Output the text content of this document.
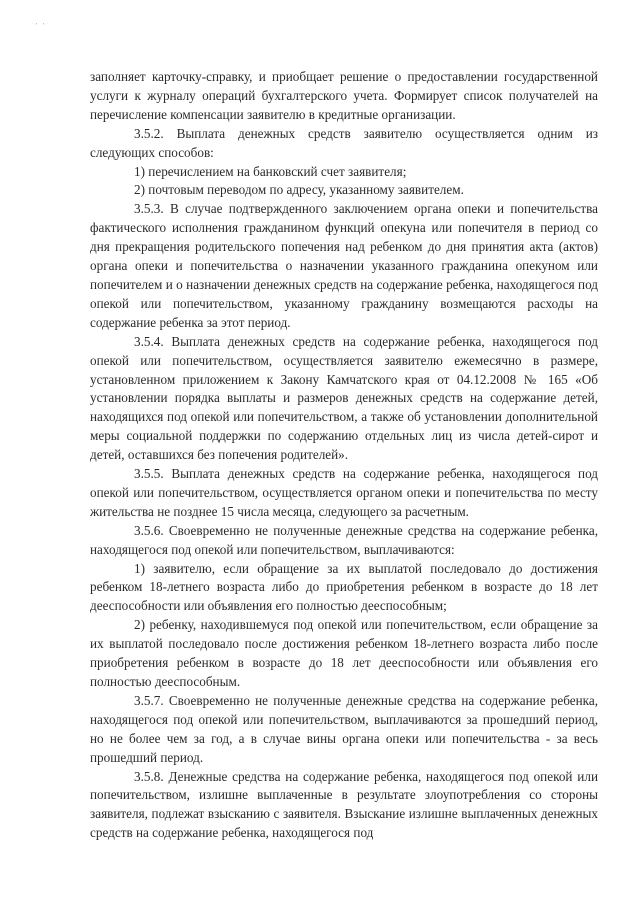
' '

заполняет карточку-справку, и приобщает решение о предоставлении государственной услуги к журналу операций бухгалтерского учета. Формирует список получателей на перечисление компенсации заявителю в кредитные организации.

3.5.2. Выплата денежных средств заявителю осуществляется одним из следующих способов:

1) перечислением на банковский счет заявителя;

2) почтовым переводом по адресу, указанному заявителем.

3.5.3. В случае подтвержденного заключением органа опеки и попечительства фактического исполнения гражданином функций опекуна или попечителя в период со дня прекращения родительского попечения над ребенком до дня принятия акта (актов) органа опеки и попечительства о назначении указанного гражданина опекуном или попечителем и о назначении денежных средств на содержание ребенка, находящегося под опекой или попечительством, указанному гражданину возмещаются расходы на содержание ребенка за этот период.

3.5.4. Выплата денежных средств на содержание ребенка, находящегося под опекой или попечительством, осуществляется заявителю ежемесячно в размере, установленном приложением к Закону Камчатского края от 04.12.2008 № 165 «Об установлении порядка выплаты и размеров денежных средств на содержание детей, находящихся под опекой или попечительством, а также об установлении дополнительной меры социальной поддержки по содержанию отдельных лиц из числа детей-сирот и детей, оставшихся без попечения родителей».

3.5.5. Выплата денежных средств на содержание ребенка, находящегося под опекой или попечительством, осуществляется органом опеки и попечительства по месту жительства не позднее 15 числа месяца, следующего за расчетным.

3.5.6. Своевременно не полученные денежные средства на содержание ребенка, находящегося под опекой или попечительством, выплачиваются:

1) заявителю, если обращение за их выплатой последовало до достижения ребенком 18-летнего возраста либо до приобретения ребенком в возрасте до 18 лет дееспособности или объявления его полностью дееспособным;

2) ребенку, находившемуся под опекой или попечительством, если обращение за их выплатой последовало после достижения ребенком 18-летнего возраста либо после приобретения ребенком в возрасте до 18 лет дееспособности или объявления его полностью дееспособным.

3.5.7. Своевременно не полученные денежные средства на содержание ребенка, находящегося под опекой или попечительством, выплачиваются за прошедший период, но не более чем за год, а в случае вины органа опеки или попечительства - за весь прошедший период.

3.5.8. Денежные средства на содержание ребенка, находящегося под опекой или попечительством, излишне выплаченные в результате злоупотребления со стороны заявителя, подлежат взысканию с заявителя. Взыскание излишне выплаченных денежных средств на содержание ребенка, находящегося под
